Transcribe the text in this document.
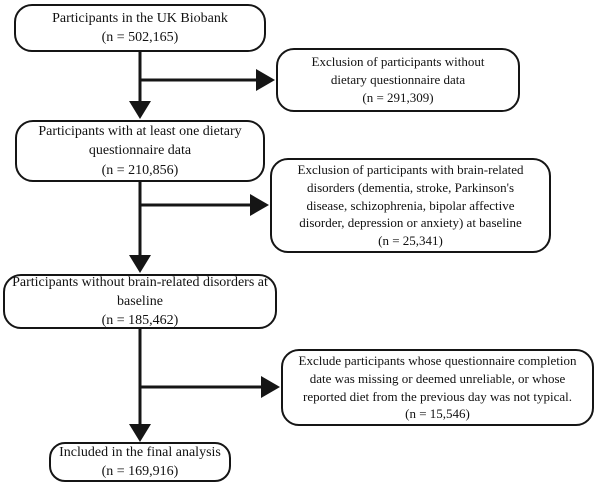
Participants in the UK Biobank
(n = 502,165)
Participants with at least one dietary
questionnaire data
(n = 210,856)
Participants without brain-related disorders at
baseline
(n = 185,462)
Included in the final analysis
(n = 169,916)
Exclusion of participants without
dietary questionnaire data
(n = 291,309)
Exclusion of participants with brain-related
disorders (dementia, stroke, Parkinson's
disease, schizophrenia, bipolar affective
disorder, depression or anxiety) at baseline
(n = 25,341)
Exclude participants whose questionnaire completion
date was missing or deemed unreliable, or whose
reported diet from the previous day was not typical.
(n = 15,546)
